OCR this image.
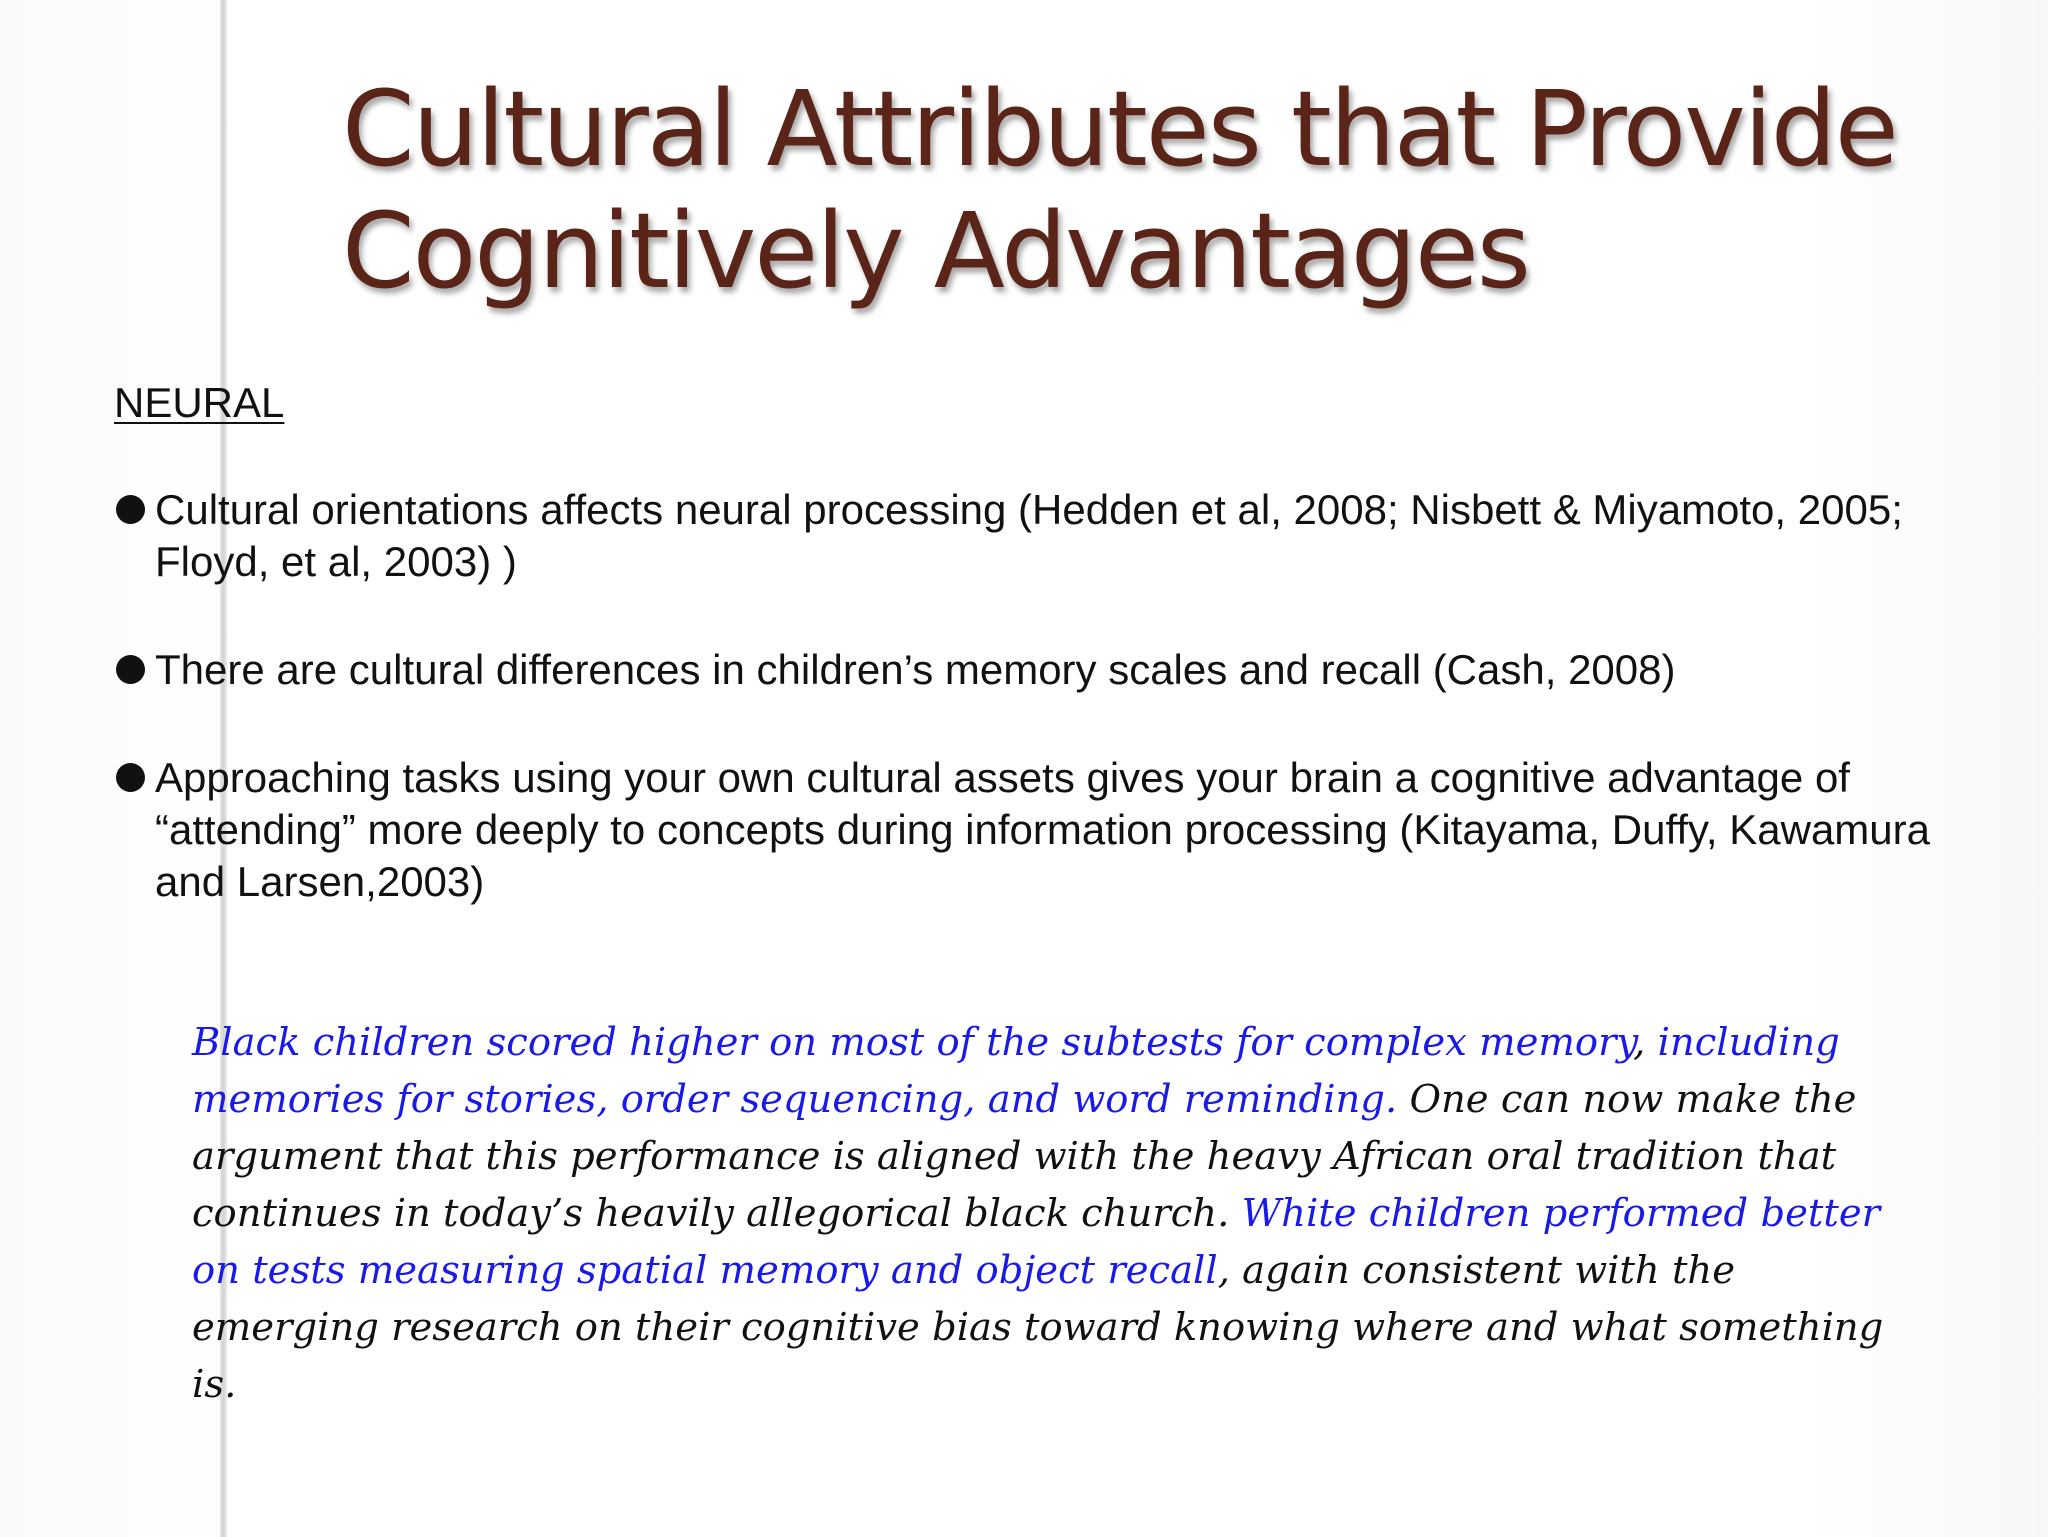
Cultural Attributes that Provide
Cognitively Advantages
NEURAL
Cultural orientations affects neural processing (Hedden et al, 2008; Nisbett & Miyamoto, 2005; Floyd, et al, 2003) )
There are cultural differences in children’s memory scales and recall (Cash, 2008)
Approaching tasks using your own cultural assets gives your brain a cognitive advantage of “attending” more deeply to concepts during information processing (Kitayama, Duffy, Kawamura and Larsen,2003)

Black children scored higher on most of the subtests for complex memory, including memories for stories, order sequencing, and word reminding. One can now make the argument that this performance is aligned with the heavy African oral tradition that continues in today’s heavily allegorical black church. White children performed better on tests measuring spatial memory and object recall, again consistent with the emerging research on their cognitive bias toward knowing where and what something is.
